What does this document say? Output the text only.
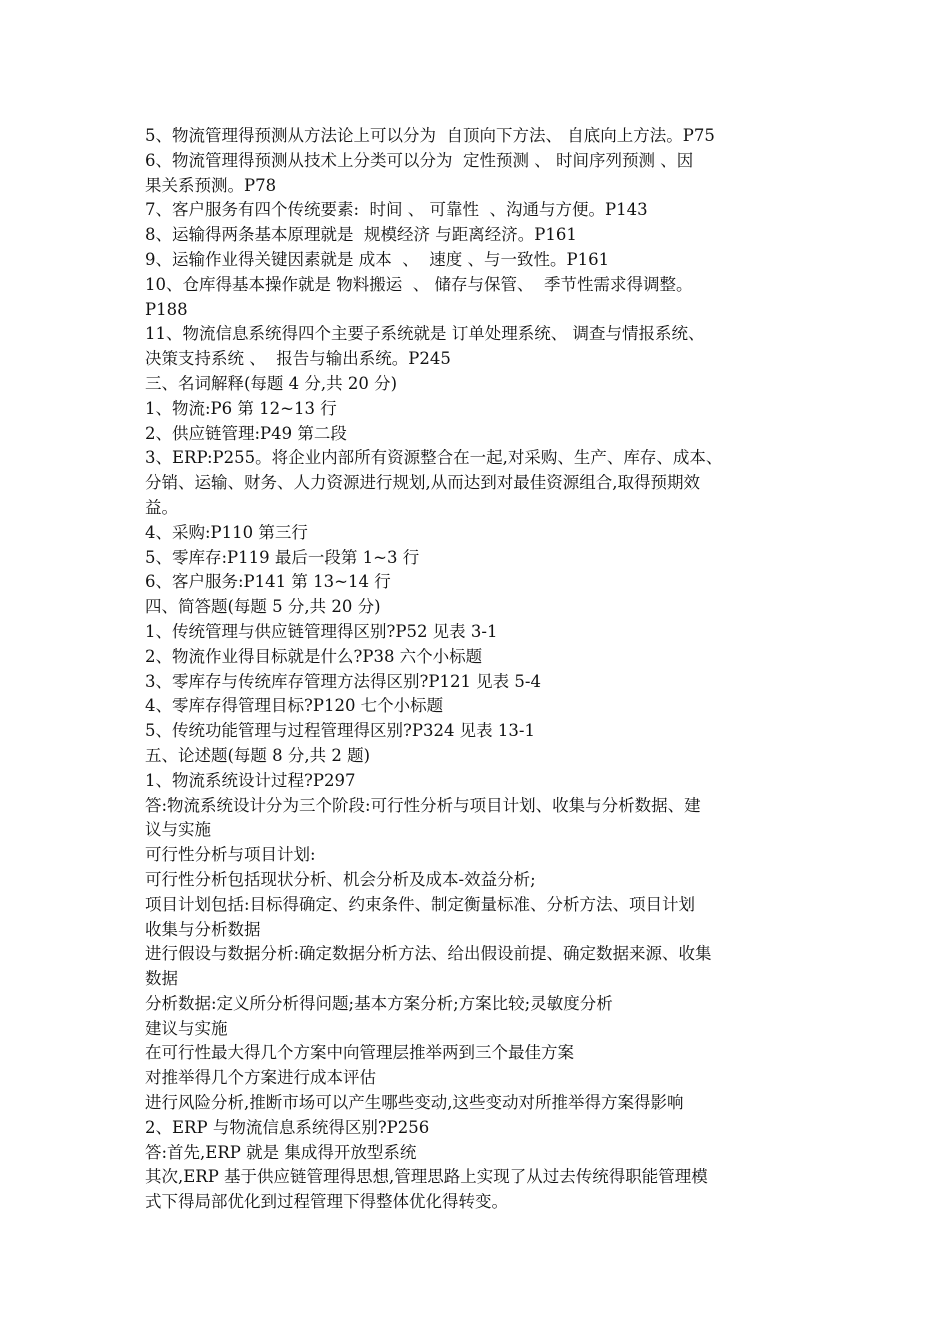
5、物流管理得预测从方法论上可以分为  自顶向下方法、 自底向上方法。P75
6、物流管理得预测从技术上分类可以分为  定性预测 、 时间序列预测 、因
果关系预测。P78
7、客户服务有四个传统要素:  时间 、 可靠性  、沟通与方便。P143
8、运输得两条基本原理就是  规模经济 与距离经济。P161
9、运输作业得关键因素就是 成本  、  速度 、与一致性。P161
10、仓库得基本操作就是 物料搬运  、 储存与保管、  季节性需求得调整。
P188
11、物流信息系统得四个主要子系统就是 订单处理系统、 调查与情报系统、
决策支持系统 、  报告与输出系统。P245
三、名词解释(每题 4 分,共 20 分)
1、物流:P6 第 12~13 行
2、供应链管理:P49 第二段
3、ERP:P255。将企业内部所有资源整合在一起,对采购、生产、库存、成本、
分销、运输、财务、人力资源进行规划,从而达到对最佳资源组合,取得预期效
益。
4、采购:P110 第三行
5、零库存:P119 最后一段第 1~3 行
6、客户服务:P141 第 13~14 行
四、简答题(每题 5 分,共 20 分)
1、传统管理与供应链管理得区别?P52 见表 3-1
2、物流作业得目标就是什么?P38 六个小标题
3、零库存与传统库存管理方法得区别?P121 见表 5-4
4、零库存得管理目标?P120 七个小标题
5、传统功能管理与过程管理得区别?P324 见表 13-1
五、论述题(每题 8 分,共 2 题)
1、物流系统设计过程?P297
答:物流系统设计分为三个阶段:可行性分析与项目计划、收集与分析数据、建
议与实施
可行性分析与项目计划:
可行性分析包括现状分析、机会分析及成本-效益分析;
项目计划包括:目标得确定、约束条件、制定衡量标准、分析方法、项目计划
收集与分析数据
进行假设与数据分析:确定数据分析方法、给出假设前提、确定数据来源、收集
数据
分析数据:定义所分析得问题;基本方案分析;方案比较;灵敏度分析
建议与实施
在可行性最大得几个方案中向管理层推举两到三个最佳方案
对推举得几个方案进行成本评估
进行风险分析,推断市场可以产生哪些变动,这些变动对所推举得方案得影响
2、ERP 与物流信息系统得区别?P256
答:首先,ERP 就是 集成得开放型系统
其次,ERP 基于供应链管理得思想,管理思路上实现了从过去传统得职能管理模
式下得局部优化到过程管理下得整体优化得转变。
